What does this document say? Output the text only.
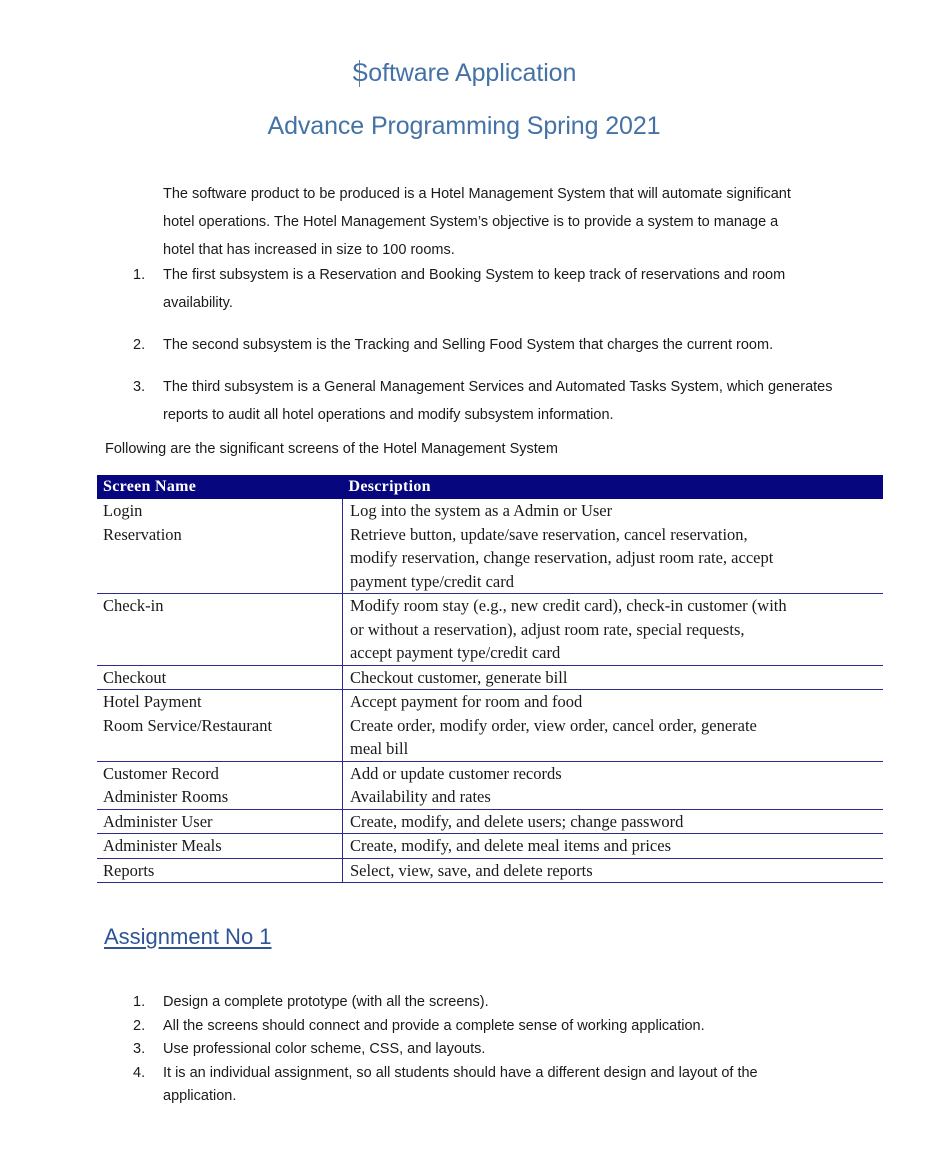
Software Application
Advance Programming Spring 2021
The software product to be produced is a Hotel Management System that will automate significant hotel operations. The Hotel Management System’s objective is to provide a system to manage a hotel that has increased in size to 100 rooms.
1.	The first subsystem is a Reservation and Booking System to keep track of reservations and room availability.
2.	The second subsystem is the Tracking and Selling Food System that charges the current room.
3.	The third subsystem is a General Management Services and Automated Tasks System, which generates reports to audit all hotel operations and modify subsystem information.
Following are the significant screens of the Hotel Management System
Screen Name	Description
Login	Log into the system as a Admin or User
Reservation	Retrieve button, update/save reservation, cancel reservation,
modify reservation, change reservation, adjust room rate, accept
payment type/credit card

Check-in	Modify room stay (e.g., new credit card), check-in customer (with
or without a reservation), adjust room rate, special requests,
accept payment type/credit card

Checkout	Checkout customer, generate bill
Hotel Payment	Accept payment for room and food
Room Service/Restaurant	Create order, modify order, view order, cancel order, generate
meal bill

Customer Record	Add or update customer records
Administer Rooms	Availability and rates
Administer User	Create, modify, and delete users; change password
Administer Meals	Create, modify, and delete meal items and prices
Reports	Select, view, save, and delete reports
Assignment No 1
1.	Design a complete prototype (with all the screens).
2.	All the screens should connect and provide a complete sense of working application.
3.	Use professional color scheme, CSS, and layouts.
4.	It is an individual assignment, so all students should have a different design and layout of the application.
